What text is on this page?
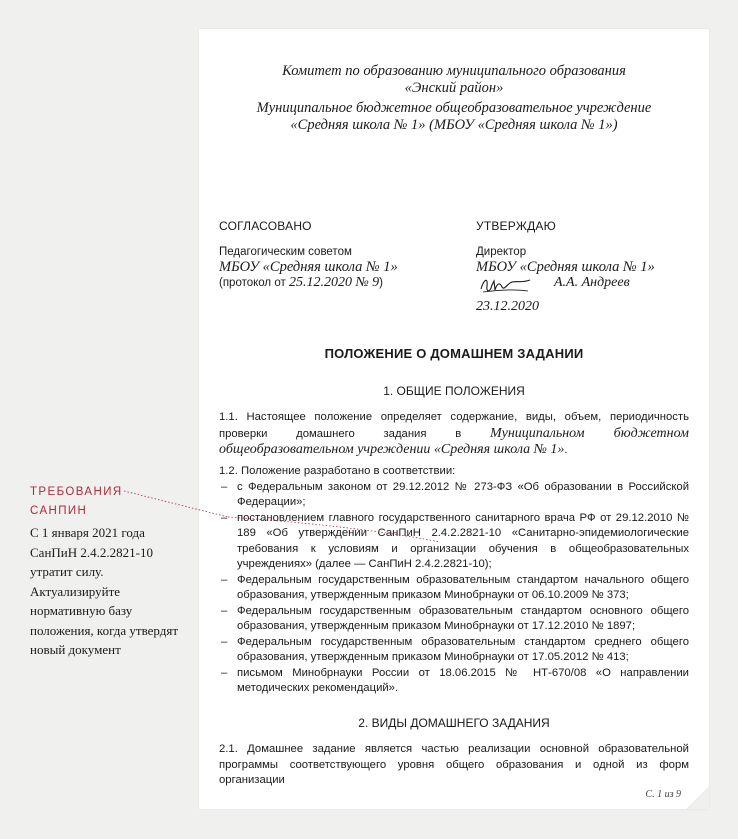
ТРЕБОВАНИЯ
САНПИН
С 1 января 2021 года СанПиН 2.4.2.2821-10 утратит силу. Актуализируйте нормативную базу положения, когда утвердят новый документ
Комитет по образованию муниципального образования
«Энский район»
Муниципальное бюджетное общеобразовательное учреждение
«Средняя школа № 1» (МБОУ «Средняя школа № 1»)
СОГЛАСОВАНО
Педагогическим советом
МБОУ «Средняя школа № 1»
(протокол от 25.12.2020 № 9)
УТВЕРЖДАЮ
Директор
МБОУ «Средняя школа № 1»
А.А. Андреев
23.12.2020
ПОЛОЖЕНИЕ О ДОМАШНЕМ ЗАДАНИИ
1. ОБЩИЕ ПОЛОЖЕНИЯ
1.1. Настоящее положение определяет содержание, виды, объем, периодичность проверки домашнего задания в Муниципальном бюджетном общеобразовательном учреждении «Средняя школа № 1».
1.2. Положение разработано в соответствии:
– с Федеральным законом от 29.12.2012 № 273-ФЗ «Об образовании в Российской Федерации»;
– постановлением главного государственного санитарного врача РФ от 29.12.2010 № 189 «Об утверждении СанПиН 2.4.2.2821-10 «Санитарно-эпидемиологические требования к условиям и организации обучения в общеобразовательных учреждениях» (далее — СанПиН 2.4.2.2821-10);
– Федеральным государственным образовательным стандартом начального общего образования, утвержденным приказом Минобрнауки от 06.10.2009 № 373;
– Федеральным государственным образовательным стандартом основного общего образования, утвержденным приказом Минобрнауки от 17.12.2010 № 1897;
– Федеральным государственным образовательным стандартом среднего общего образования, утвержденным приказом Минобрнауки от 17.05.2012 № 413;
– письмом Минобрнауки России от 18.06.2015 № НТ-670/08 «О направлении методических рекомендаций».
2. ВИДЫ ДОМАШНЕГО ЗАДАНИЯ
2.1. Домашнее задание является частью реализации основной образовательной программы соответствующего уровня общего образования и одной из форм организации
С. 1 из 9
